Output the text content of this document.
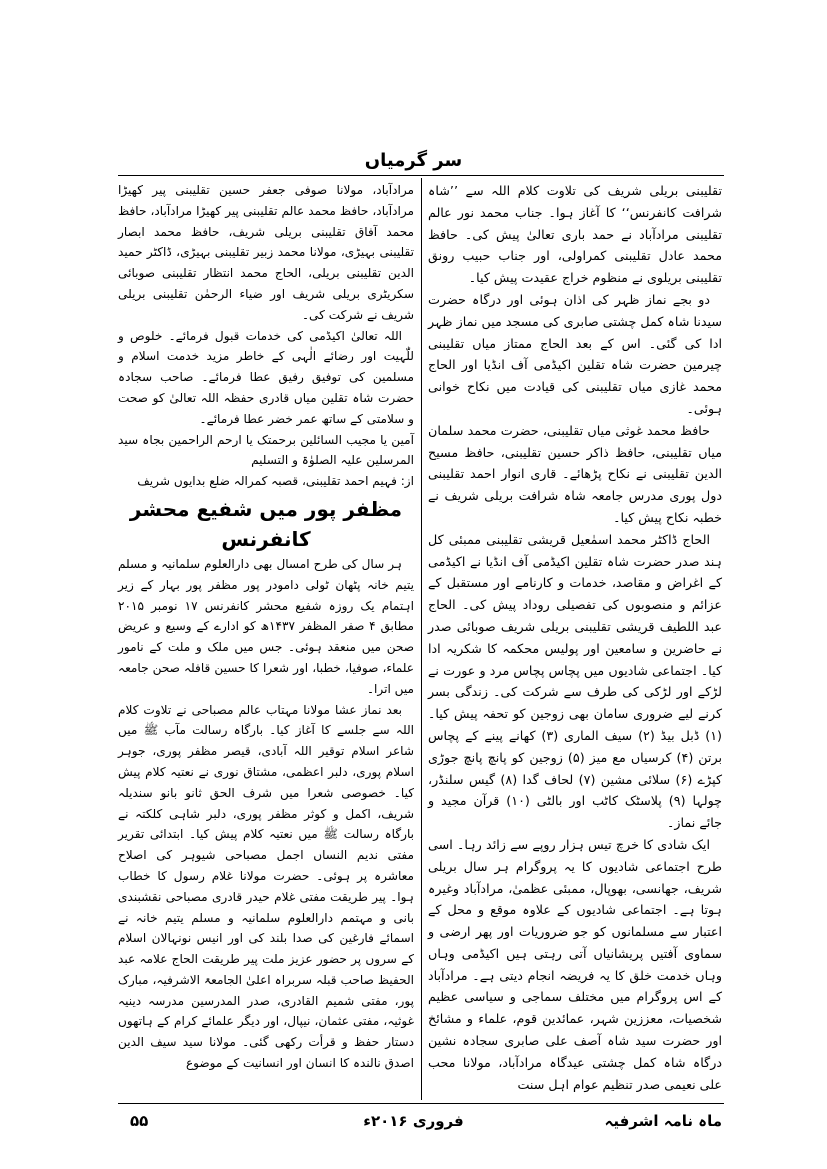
سر گرمیاں

تقلیبنی بریلی شریف کی تلاوت کلام اللہ سے ’’شاہ شرافت کانفرنس‘‘ کا آغاز ہوا۔ جناب محمد نور عالم تقلیبنی مرادآباد نے حمد باری تعالیٰ پیش کی۔ حافظ محمد عادل تقلیبنی کمراولی، اور جناب حبیب رونق تقلیبنی بریلوی نے منظوم خراج عقیدت پیش کیا۔

دو بجے نماز ظہر کی اذان ہوئی اور درگاہ حضرت سیدنا شاہ کمل چشتی صابری کی مسجد میں نماز ظہر ادا کی گئی۔ اس کے بعد الحاج ممتاز میاں تقلیبنی چیرمین حضرت شاہ تقلین اکیڈمی آف انڈیا اور الحاج محمد غازی میاں تقلیبنی کی قیادت میں نکاح خوانی ہوئی۔

حافظ محمد غوثی میاں تقلیبنی، حضرت محمد سلمان میاں تقلیبنی، حافظ ذاکر حسین تقلیبنی، حافظ مسیح الدین تقلیبنی نے نکاح پڑھائے۔ قاری انوار احمد تقلیبنی دول پوری مدرس جامعہ شاہ شرافت بریلی شریف نے خطبہ نکاح پیش کیا۔

الحاج ڈاکٹر محمد اسمٰعیل قریشی تقلیبنی ممبئی کل ہند صدر حضرت شاہ تقلین اکیڈمی آف انڈیا نے اکیڈمی کے اغراض و مقاصد، خدمات و کارنامے اور مستقبل کے عزائم و منصوبوں کی تفصیلی روداد پیش کی۔ الحاج عبد اللطیف قریشی تقلیبنی بریلی شریف صوبائی صدر نے حاضرین و سامعین اور پولیس محکمہ کا شکریہ ادا کیا۔ اجتماعی شادیوں میں پچاس پچاس مرد و عورت نے لڑکے اور لڑکی کی طرف سے شرکت کی۔ زندگی بسر کرنے لیے ضروری سامان بھی زوجین کو تحفہ پیش کیا۔ (۱) ڈبل بیڈ (۲) سیف الماری (۳) کھانے پینے کے پچاس برتن (۴) کرسیاں مع میز (۵) زوجین کو پانچ پانچ جوڑی کپڑے (۶) سلائی مشین (۷) لحاف گدا (۸) گیس سلنڈر، چولہا (۹) پلاسٹک کاٹب اور بالٹی (۱۰) قرآن مجید و جائے نماز۔

ایک شادی کا خرچ تیس ہزار روپے سے زائد رہا۔ اسی طرح اجتماعی شادیوں کا یہ پروگرام ہر سال بریلی شریف، جھانسی، بھوپال، ممبئی عظمیٰ، مرادآباد وغیرہ ہوتا ہے۔ اجتماعی شادیوں کے علاوہ موقع و محل کے اعتبار سے مسلمانوں کو جو ضروریات اور پھر ارضی و سماوی آفتیں پریشانیاں آتی رہتی ہیں اکیڈمی وہاں وہاں خدمت خلق کا یہ فریضہ انجام دیتی ہے۔ مرادآباد کے اس پروگرام میں مختلف سماجی و سیاسی عظیم شخصیات، معززین شہر، عمائدین قوم، علماء و مشائخ اور حضرت سید شاہ آصف علی صابری سجادہ نشین درگاہ شاہ کمل چشتی عیدگاہ مرادآباد، مولانا محب علی نعیمی صدر تنظیم عوام اہل سنت

مرادآباد، مولانا صوفی جعفر حسین تقلیبنی پیر کھیڑا مرادآباد، حافظ محمد عالم تقلیبنی پیر کھیڑا مرادآباد، حافظ محمد آفاق تقلیبنی بریلی شریف، حافظ محمد ابصار تقلیبنی بہیڑی، مولانا محمد زبیر تقلیبنی بہیڑی، ڈاکٹر حمید الدین تقلیبنی بریلی، الحاج محمد انتظار تقلیبنی صوبائی سکریٹری بریلی شریف اور ضیاء الرحمٰن تقلیبنی بریلی شریف نے شرکت کی۔

اللہ تعالیٰ اکیڈمی کی خدمات قبول فرمائے۔ خلوص و للّٰہیت اور رضائے الٰہی کے خاطر مزید خدمت اسلام و مسلمین کی توفیق رفیق عطا فرمائے۔ صاحب سجادہ حضرت شاہ تقلین میاں قادری حفظہ اللہ تعالیٰ کو صحت و سلامتی کے ساتھ عمر خضر عطا فرمائے۔

آمین یا مجیب السائلین برحمتک یا ارحم الراحمین بجاہ سید المرسلین علیہ الصلوٰۃ و التسلیم

از: فہیم احمد تقلیبنی، قصبہ کمرالہ ضلع بدایوں شریف

مظفر پور میں شفیع محشر کانفرنس

ہر سال کی طرح امسال بھی دارالعلوم سلمانیہ و مسلم یتیم خانہ پٹھان ٹولی دامودر پور مظفر پور بہار کے زیر اہتمام یک روزہ شفیع محشر کانفرنس ۱۷ نومبر ۲۰۱۵ مطابق ۴ صفر المظفر ۱۴۳۷ھ کو ادارے کے وسیع و عریض صحن میں منعقد ہوئی۔ جس میں ملک و ملت کے نامور علماء، صوفیا، خطبا، اور شعرا کا حسین قافلہ صحن جامعہ میں اترا۔

بعد نماز عشا مولانا مہتاب عالم مصباحی نے تلاوت کلام اللہ سے جلسے کا آغاز کیا۔ بارگاہ رسالت مآب ﷺ میں شاعر اسلام توقیر اللہ آبادی، قیصر مظفر پوری، جوہر اسلام پوری، دلبر اعظمی، مشتاق نوری نے نعتیہ کلام پیش کیا۔ خصوصی شعرا میں شرف الحق ثانو بانو سندیلہ شریف، اکمل و کوثر مظفر پوری، دلبر شاہی کلکتہ نے بارگاہ رسالت ﷺ میں نعتیہ کلام پیش کیا۔ ابتدائی تقریر مفتی ندیم النساں اجمل مصباحی شیوہر کی اصلاح معاشرہ پر ہوئی۔ حضرت مولانا غلام رسول کا خطاب ہوا۔ پیر طریقت مفتی غلام حیدر قادری مصباحی نقشبندی بانی و مہتمم دارالعلوم سلمانیہ و مسلم یتیم خانہ نے اسمائے فارغین کی صدا بلند کی اور انیس نونہالان اسلام کے سروں پر حضور عزیز ملت پیر طریقت الحاج علامہ عبد الحفیظ صاحب قبلہ سربراہ اعلیٰ الجامعۃ الاشرفیہ، مبارک پور، مفتی شمیم القادری، صدر المدرسین مدرسہ دینیہ غوثیہ، مفتی عثمان، نیپال، اور دیگر علمائے کرام کے ہاتھوں دستار حفظ و قرأت رکھی گئی۔ مولانا سید سیف الدین اصدق نالندہ کا انسان اور انسانیت کے موضوع

ماہ نامہ اشرفیہ
فروری ۲۰۱۶ء
۵۵
